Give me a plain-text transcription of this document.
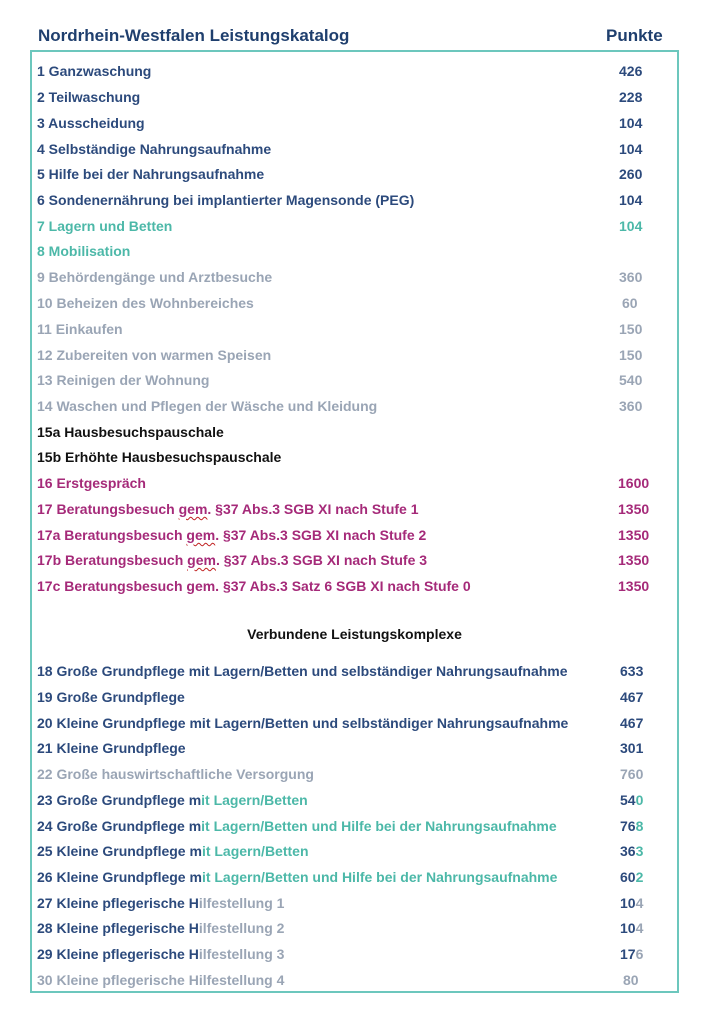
Nordrhein-Westfalen Leistungskatalog	Punkte
1 Ganzwaschung	426
2 Teilwaschung	228
3 Ausscheidung	104
4 Selbständige Nahrungsaufnahme	104
5 Hilfe bei der Nahrungsaufnahme	260
6 Sondenernährung bei implantierter Magensonde (PEG)	104
7 Lagern und Betten	104
8 Mobilisation
9 Behördengänge und Arztbesuche	360
10 Beheizen des Wohnbereiches	60
11 Einkaufen	150
12 Zubereiten von warmen Speisen	150
13 Reinigen der Wohnung	540
14 Waschen und Pflegen der Wäsche und Kleidung	360
15a Hausbesuchspauschale
15b Erhöhte Hausbesuchspauschale
16 Erstgespräch	1600
17 Beratungsbesuch gem. §37 Abs.3 SGB XI nach Stufe 1	1350
17a Beratungsbesuch gem. §37 Abs.3 SGB XI nach Stufe 2	1350
17b Beratungsbesuch gem. §37 Abs.3 SGB XI nach Stufe 3	1350
17c Beratungsbesuch gem. §37 Abs.3 Satz 6 SGB XI nach Stufe 0	1350
Verbundene Leistungskomplexe
18 Große Grundpflege mit Lagern/Betten und selbständiger Nahrungsaufnahme	633
19 Große Grundpflege	467
20 Kleine Grundpflege mit Lagern/Betten und selbständiger Nahrungsaufnahme	467
21 Kleine Grundpflege	301
22 Große hauswirtschaftliche Versorgung	760
23 Große Grundpflege mit Lagern/Betten	540
24 Große Grundpflege mit Lagern/Betten und Hilfe bei der Nahrungsaufnahme	768
25 Kleine Grundpflege mit Lagern/Betten	363
26 Kleine Grundpflege mit Lagern/Betten und Hilfe bei der Nahrungsaufnahme	602
27 Kleine pflegerische Hilfestellung 1	104
28 Kleine pflegerische Hilfestellung 2	104
29 Kleine pflegerische Hilfestellung 3	176
30 Kleine pflegerische Hilfestellung 4	80
